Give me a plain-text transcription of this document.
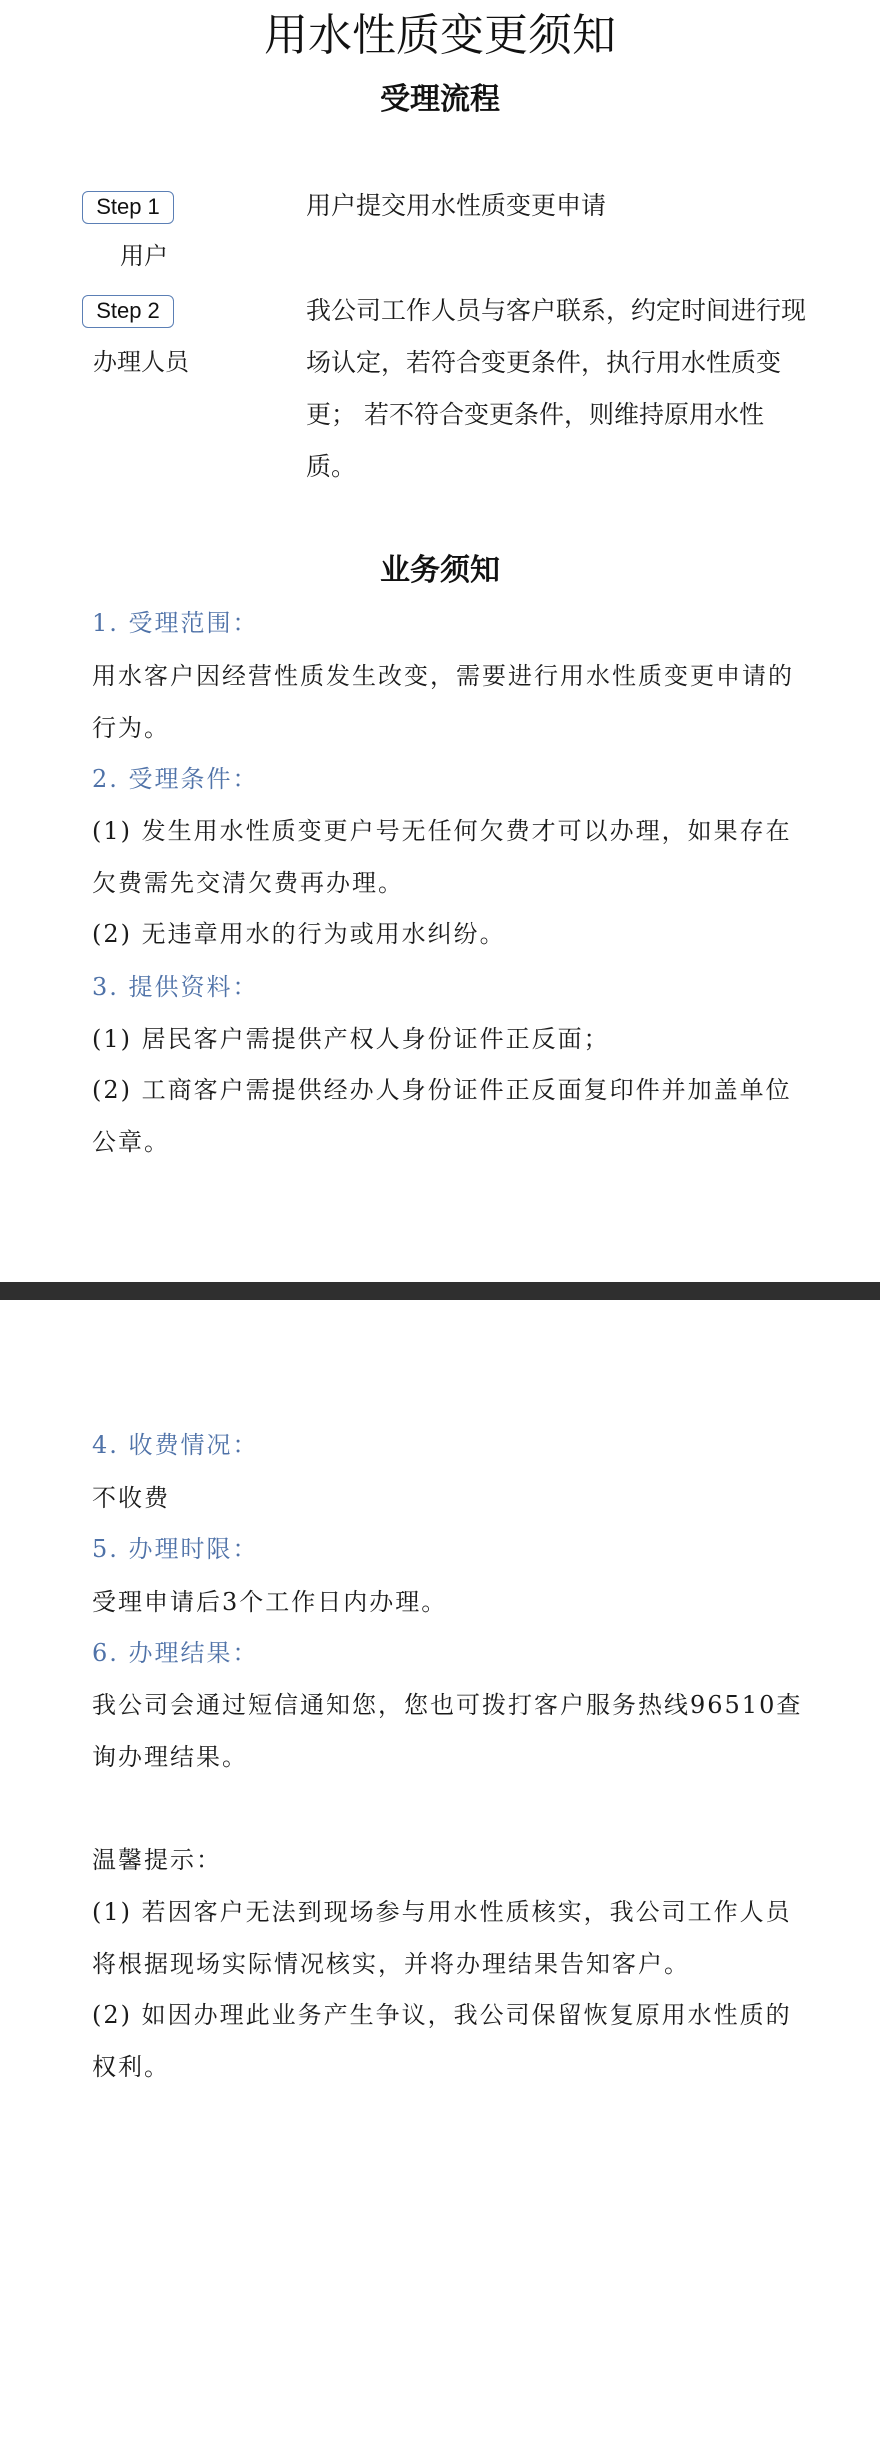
用水性质变更须知
受理流程
Step 1
用户
用户提交用水性质变更申请
Step 2
办理人员
我公司工作人员与客户联系，约定时间进行现场认定，若符合变更条件，执行用水性质变更； 若不符合变更条件，则维持原用水性质。
业务须知
1. 受理范围：
用水客户因经营性质发生改变，需要进行用水性质变更申请的行为。
2. 受理条件：
(1) 发生用水性质变更户号无任何欠费才可以办理，如果存在欠费需先交清欠费再办理。
(2) 无违章用水的行为或用水纠纷。
3. 提供资料：
(1) 居民客户需提供产权人身份证件正反面；
(2) 工商客户需提供经办人身份证件正反面复印件并加盖单位公章。
4. 收费情况：
不收费
5. 办理时限：
受理申请后3个工作日内办理。
6. 办理结果：
我公司会通过短信通知您，您也可拨打客户服务热线96510查询办理结果。
温馨提示：
(1) 若因客户无法到现场参与用水性质核实，我公司工作人员将根据现场实际情况核实，并将办理结果告知客户。
(2) 如因办理此业务产生争议，我公司保留恢复原用水性质的权利。
